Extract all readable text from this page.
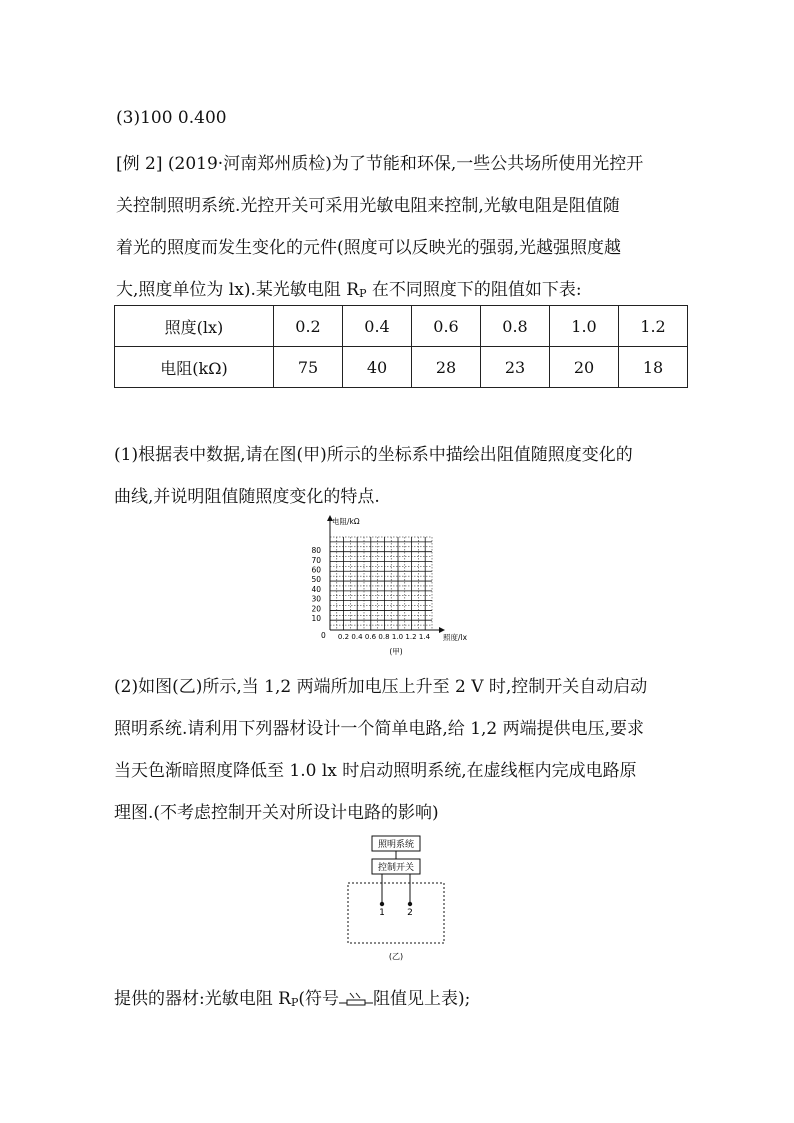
(3)100 0.400
[例 2] (2019·河南郑州质检)为了节能和环保,一些公共场所使用光控开
关控制照明系统.光控开关可采用光敏电阻来控制,光敏电阻是阻值随
着光的照度而发生变化的元件(照度可以反映光的强弱,光越强照度越
大,照度单位为 lx).某光敏电阻 RP 在不同照度下的阻值如下表:
照度(lx)	0.2	0.4	0.6	0.8	1.0	1.2
电阻(kΩ)	75	40	28	23	20	18
(1)根据表中数据,请在图(甲)所示的坐标系中描绘出阻值随照度变化的
曲线,并说明阻值随照度变化的特点.
电阻/kΩ
照度/lx
0
10
20
30
40
50
60
70
80
0.2 0.4 0.6 0.8 1.0 1.2 1.4
(甲)
(2)如图(乙)所示,当 1,2 两端所加电压上升至 2 V 时,控制开关自动启动
照明系统.请利用下列器材设计一个简单电路,给 1,2 两端提供电压,要求
当天色渐暗照度降低至 1.0 lx 时启动照明系统,在虚线框内完成电路原
理图.(不考虑控制开关对所设计电路的影响)
照明系统
控制开关
1 2
(乙)
提供的器材:光敏电阻 RP(符号 阻值见上表);
